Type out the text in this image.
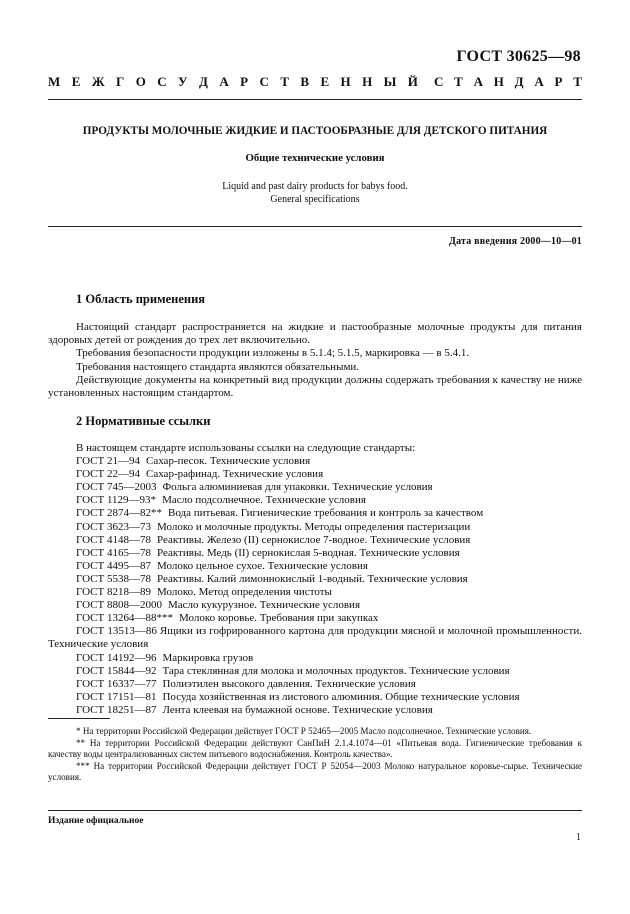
ГОСТ 30625—98
М Е Ж Г О С У Д А Р С Т В Е Н Н Ы Й С Т А Н Д А Р Т
ПРОДУКТЫ МОЛОЧНЫЕ ЖИДКИЕ И ПАСТООБРАЗНЫЕ ДЛЯ ДЕТСКОГО ПИТАНИЯ
Общие технические условия
Liquid and past dairy products for babys food.
General specifications
Дата введения 2000—10—01
1 Область применения

Настоящий стандарт распространяется на жидкие и пастообразные молочные продукты для питания здоровых детей от рождения до трех лет включительно.

Требования безопасности продукции изложены в 5.1.4; 5.1.5, маркировка — в 5.4.1.

Требования настоящего стандарта являются обязательными.

Действующие документы на конкретный вид продукции должны содержать требования к качеству не ниже установленных настоящим стандартом.

2 Нормативные ссылки
В настоящем стандарте использованы ссылки на следующие стандарты:
ГОСТ 21—94 Сахар-песок. Технические условия
ГОСТ 22—94 Сахар-рафинад. Технические условия
ГОСТ 745—2003 Фольга алюминиевая для упаковки. Технические условия
ГОСТ 1129—93* Масло подсолнечное. Технические условия
ГОСТ 2874—82** Вода питьевая. Гигиенические требования и контроль за качеством
ГОСТ 3623—73 Молоко и молочные продукты. Методы определения пастеризации
ГОСТ 4148—78 Реактивы. Железо (II) сернокислое 7-водное. Технические условия
ГОСТ 4165—78 Реактивы. Медь (II) сернокислая 5-водная. Технические условия
ГОСТ 4495—87 Молоко цельное сухое. Технические условия
ГОСТ 5538—78 Реактивы. Калий лимоннокислый 1-водный. Технические условия
ГОСТ 8218—89 Молоко. Метод определения чистоты
ГОСТ 8808—2000 Масло кукурузное. Технические условия
ГОСТ 13264—88*** Молоко коровье. Требования при закупках
ГОСТ 13513—86 Ящики из гофрированного картона для продукции мясной и молочной промышленности. Технические условия
ГОСТ 14192—96 Маркировка грузов
ГОСТ 15844—92 Тара стеклянная для молока и молочных продуктов. Технические условия
ГОСТ 16337—77 Полиэтилен высокого давления. Технические условия
ГОСТ 17151—81 Посуда хозяйственная из листового алюминия. Общие технические условия
ГОСТ 18251—87 Лента клеевая на бумажной основе. Технические условия

* На территории Российской Федерации действует ГОСТ Р 52465—2005 Масло подсолнечное. Технические условия.

** На территории Российской Федерации действуют СанПиН 2.1.4.1074—01 «Питьевая вода. Гигиенические требования к качеству воды централизованных систем питьевого водоснабжения. Контроль качества».

*** На территории Российской Федерации действует ГОСТ Р 52054—2003 Молоко натуральное коровье-сырье. Технические условия.

Издание официальное
1
